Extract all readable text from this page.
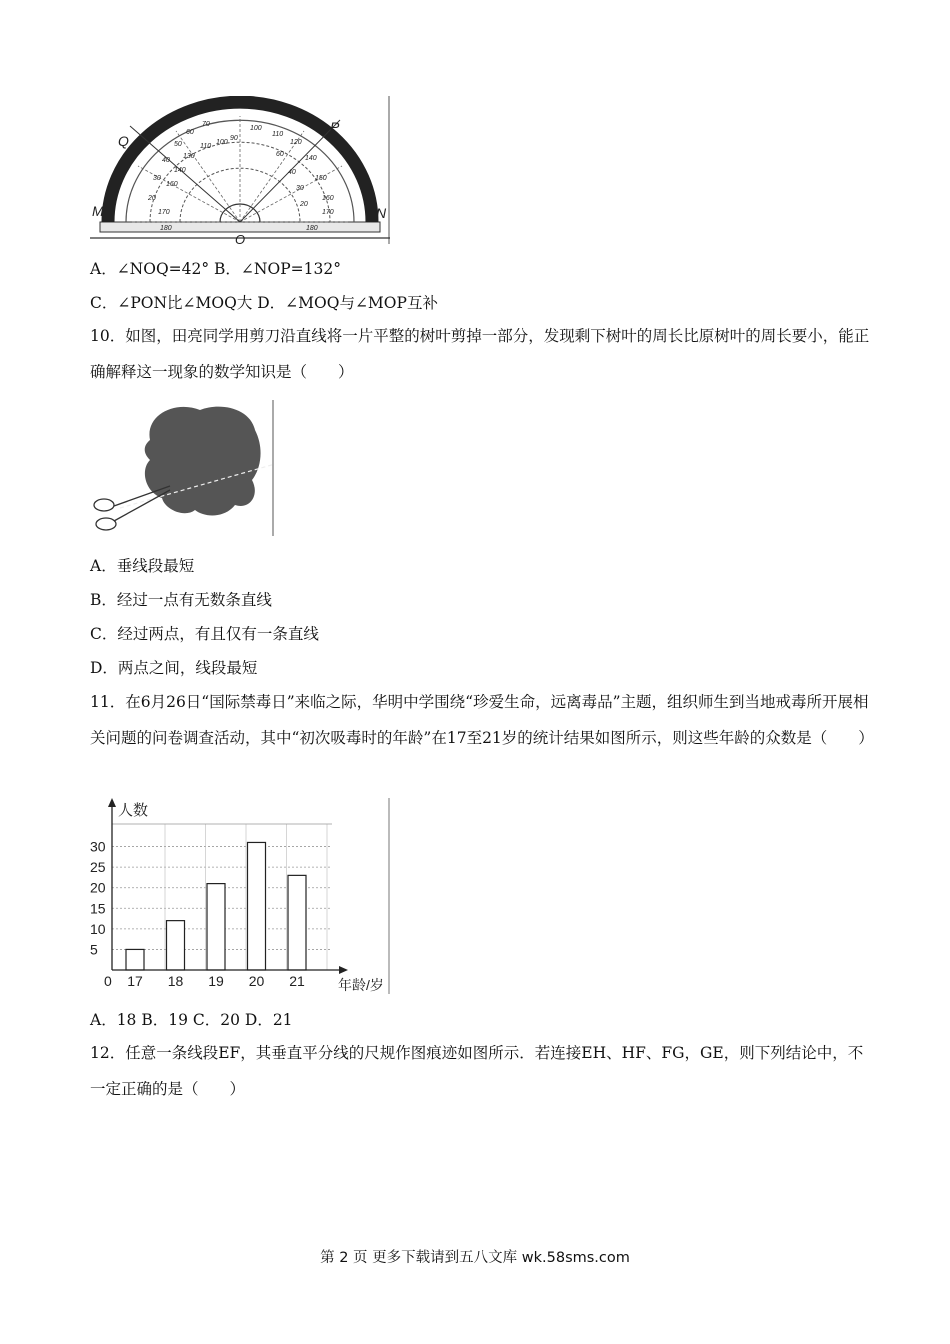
20
30
40
50
60
70
90
100
110
120
140
150
160
170
170
160
140
130
110
100
60
40
30
20
180	180
Q
P
M	N
O
A．∠NOQ=42° B．∠NOP=132°
C．∠PON比∠MOQ大 D．∠MOQ与∠MOP互补
10．如图，田亮同学用剪刀沿直线将一片平整的树叶剪掉一部分，发现剩下树叶的周长比原树叶的周长要小，能正确解释这一现象的数学知识是（　　）
A．垂线段最短
B．经过一点有无数条直线
C．经过两点，有且仅有一条直线
D．两点之间，线段最短
11．在6月26日“国际禁毒日”来临之际，华明中学围绕“珍爱生命，远离毒品”主题，组织师生到当地戒毒所开展相关问题的问卷调查活动，其中“初次吸毒时的年龄”在17至21岁的统计结果如图所示，则这些年龄的众数是（　　）
0
5
10
15
20
25
30
17 18 19 20 21
人数
年龄/岁
A．18 B．19 C．20 D．21
12．任意一条线段EF，其垂直平分线的尺规作图痕迹如图所示．若连接EH、HF、FG，GE，则下列结论中，不一定正确的是（　　）
第 2 页 更多下载请到五八文库 wk.58sms.com
